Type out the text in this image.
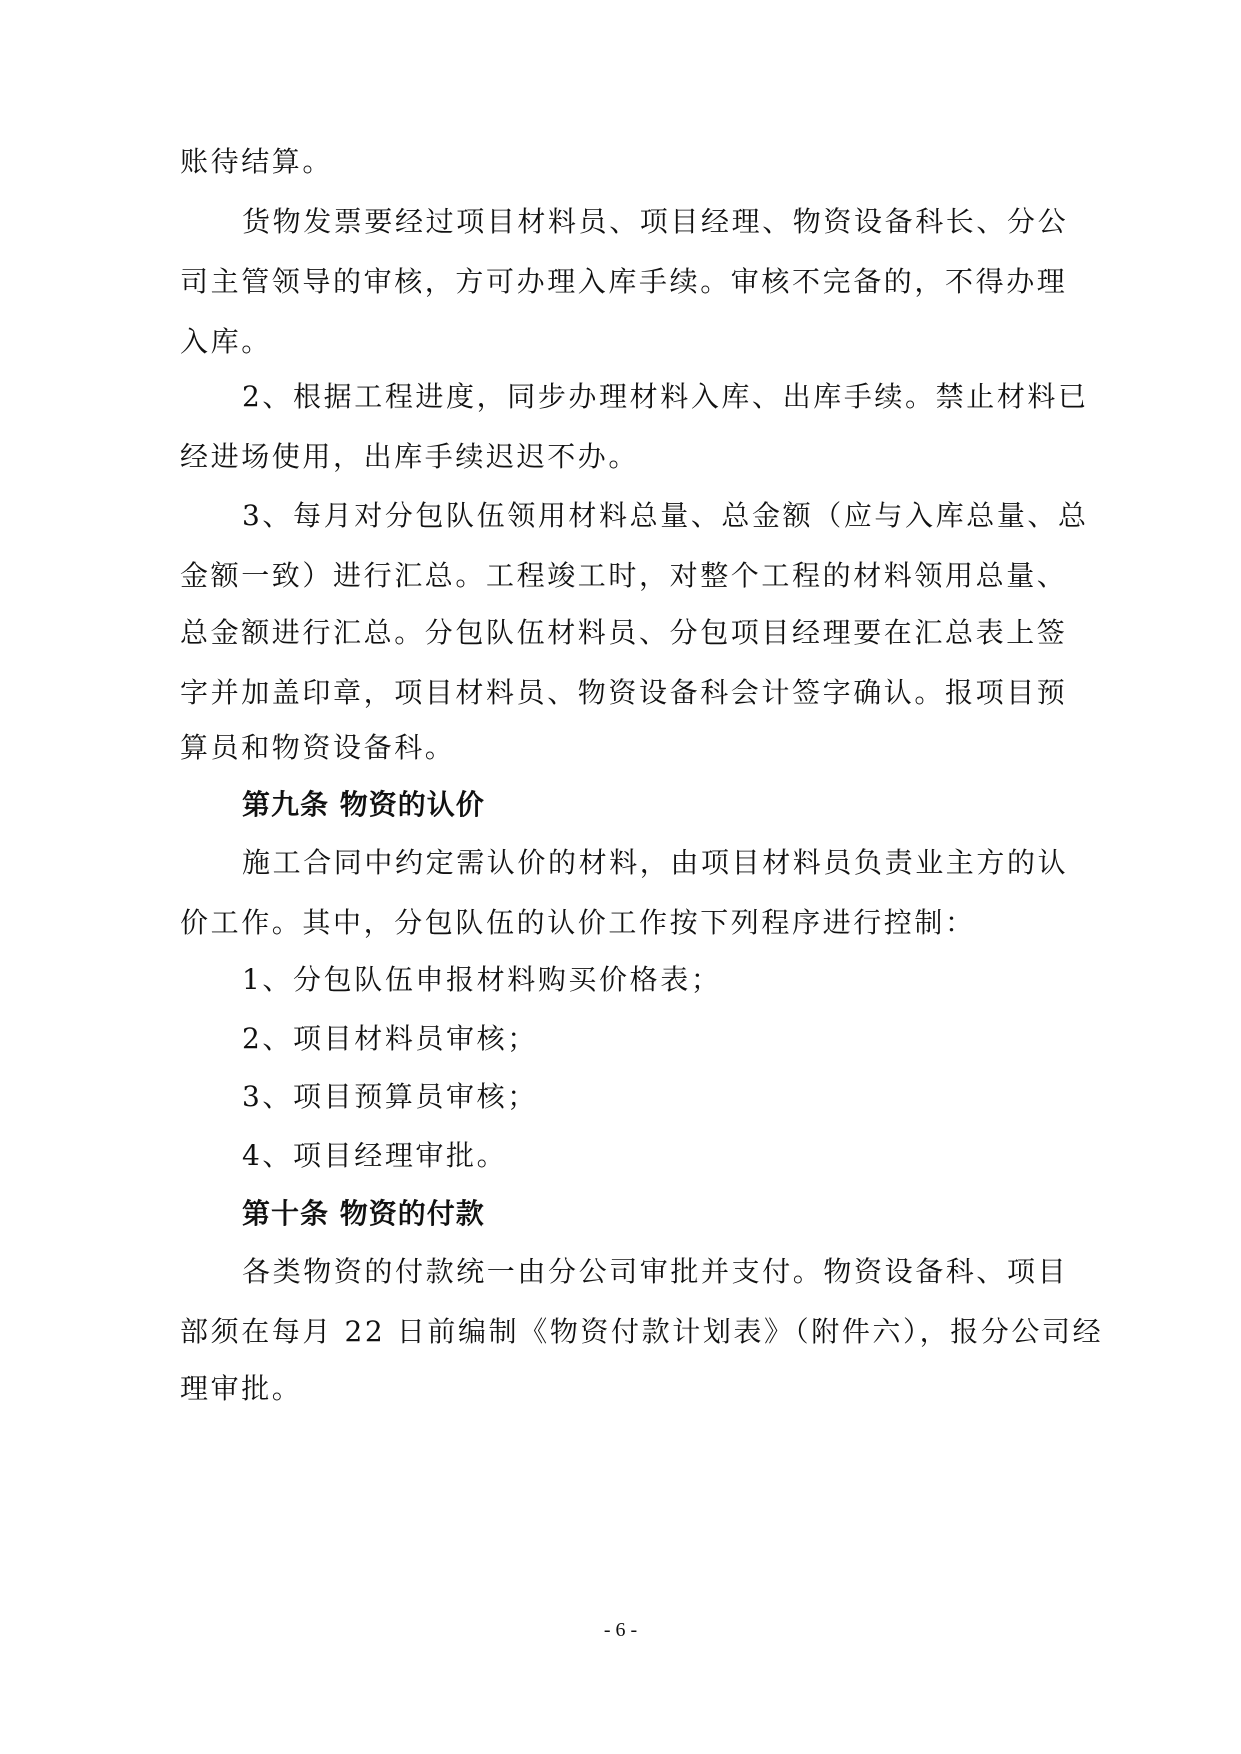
账待结算。
货物发票要经过项目材料员、项目经理、物资设备科长、分公
司主管领导的审核，方可办理入库手续。审核不完备的，不得办理
入库。
2、根据工程进度，同步办理材料入库、出库手续。禁止材料已
经进场使用，出库手续迟迟不办。
3、每月对分包队伍领用材料总量、总金额（应与入库总量、总
金额一致）进行汇总。工程竣工时，对整个工程的材料领用总量、
总金额进行汇总。分包队伍材料员、分包项目经理要在汇总表上签
字并加盖印章，项目材料员、物资设备科会计签字确认。报项目预
算员和物资设备科。
第九条 物资的认价
施工合同中约定需认价的材料，由项目材料员负责业主方的认
价工作。其中，分包队伍的认价工作按下列程序进行控制：
1、分包队伍申报材料购买价格表；
2、项目材料员审核；
3、项目预算员审核；
4、项目经理审批。
第十条 物资的付款
各类物资的付款统一由分公司审批并支付。物资设备科、项目
部须在每月 22 日前编制《物资付款计划表》（附件六），报分公司经
理审批。
- 6 -
